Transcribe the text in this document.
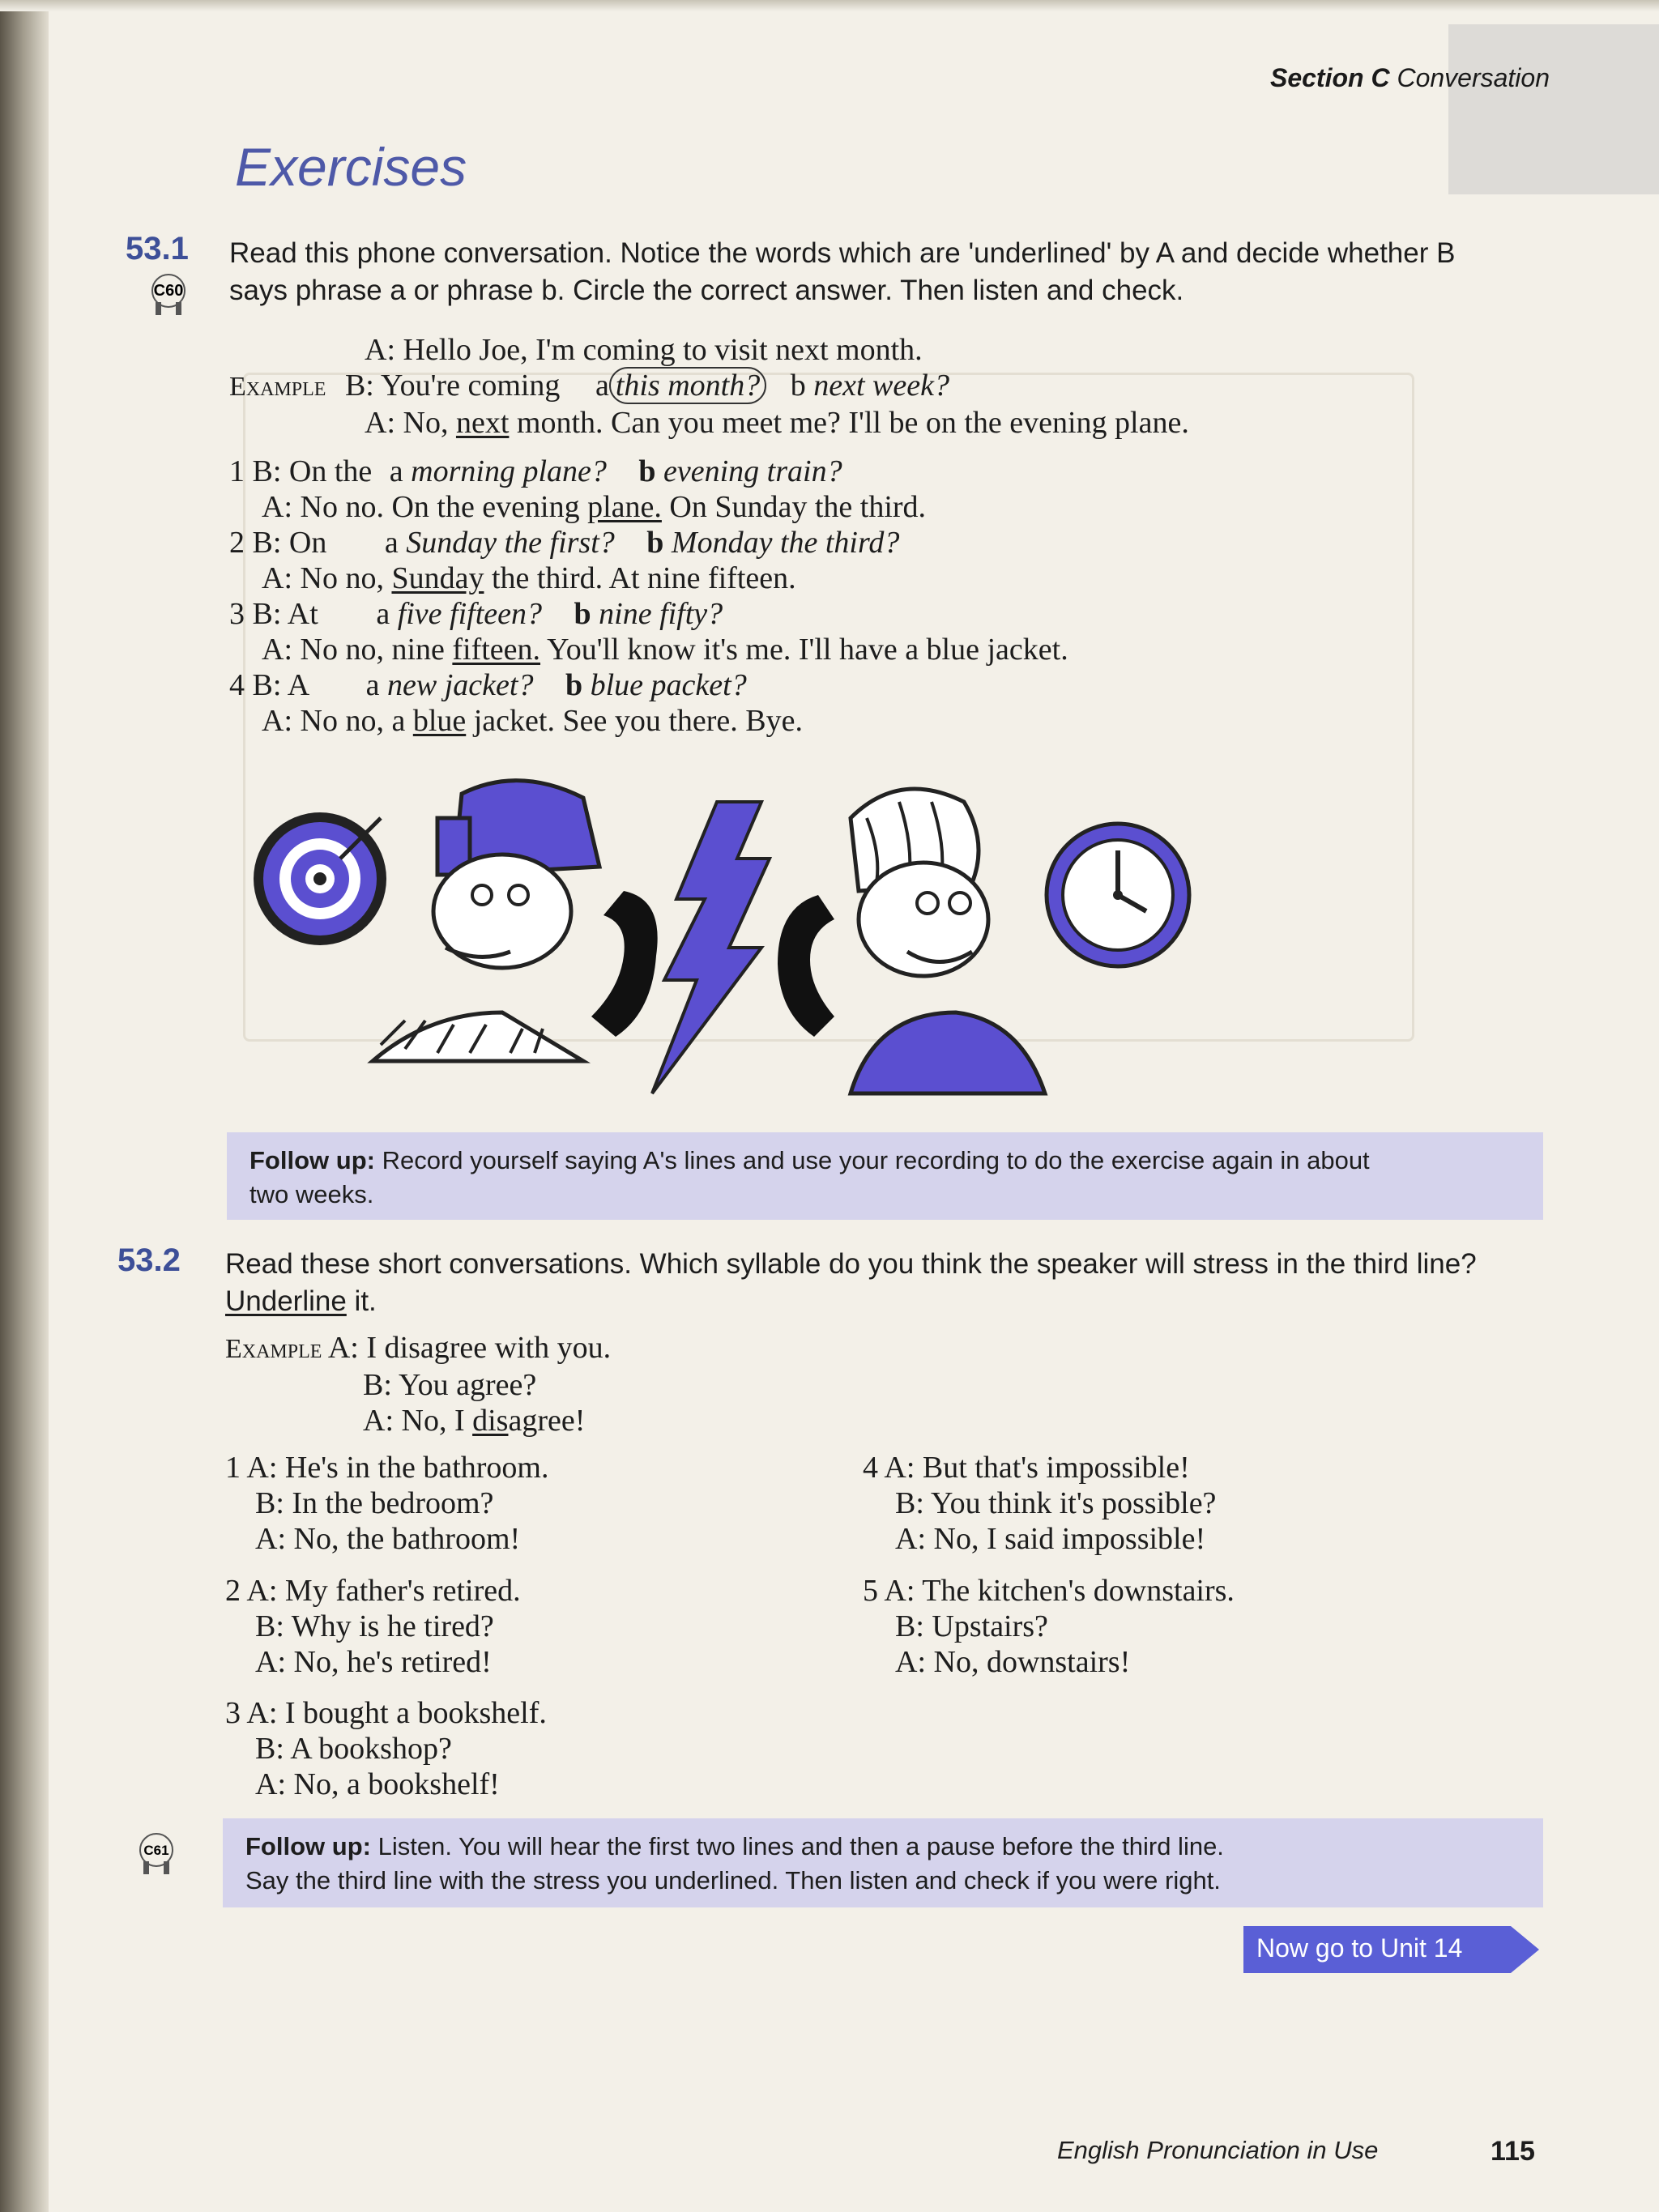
Section C Conversation
Exercises
53.1
C60
Read this phone conversation. Notice the words which are 'underlined' by A and decide whether B
says phrase a or phrase b. Circle the correct answer. Then listen and check.
A: Hello Joe, I'm coming to visit next month.
Example B: You're coming a this month? b next week?
A: No, next month. Can you meet me? I'll be on the evening plane.
1 B: On the a morning plane? b evening train?
A: No no. On the evening plane. On Sunday the third.
2 B: On a Sunday the first? b Monday the third?
A: No no, Sunday the third. At nine fifteen.
3 B: At a five fifteen? b nine fifty?
A: No no, nine fifteen. You'll know it's me. I'll have a blue jacket.
4 B: A a new jacket? b blue packet?
A: No no, a blue jacket. See you there. Bye.
Follow up: Record yourself saying A's lines and use your recording to do the exercise again in about
two weeks.
53.2 Read these short conversations. Which syllable do you think the speaker will stress in the third line?
Underline it.
Example A: I disagree with you.
B: You agree?
A: No, I disagree!
1 A: He's in the bathroom.
B: In the bedroom?
A: No, the bathroom!
2 A: My father's retired.
B: Why is he tired?
A: No, he's retired!
3 A: I bought a bookshelf.
B: A bookshop?
A: No, a bookshelf!
4 A: But that's impossible!
B: You think it's possible?
A: No, I said impossible!
5 A: The kitchen's downstairs.
B: Upstairs?
A: No, downstairs!
C61	Follow up: Listen. You will hear the first two lines and then a pause before the third line.
Say the third line with the stress you underlined. Then listen and check if you were right.
Now go to Unit 14
English Pronunciation in Use	115
